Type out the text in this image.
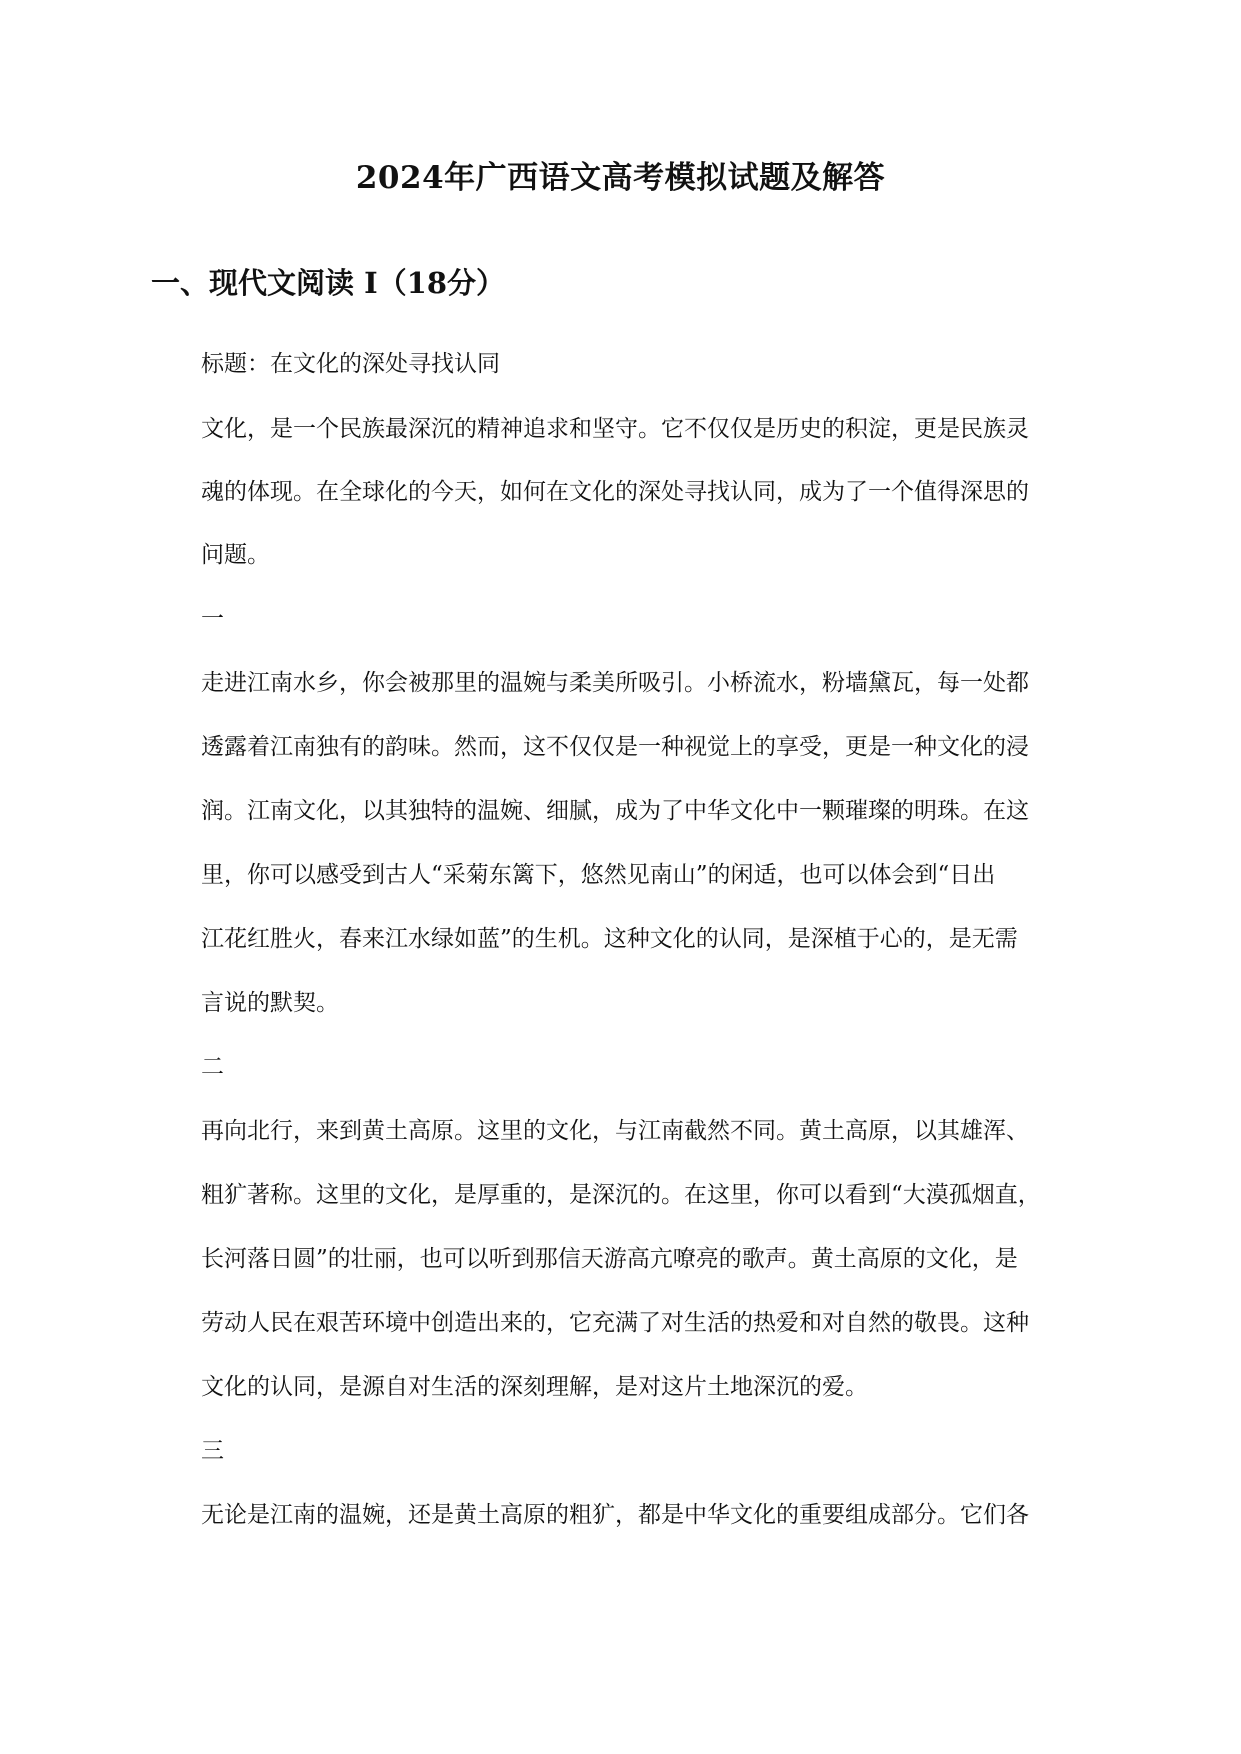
2024年广西语文高考模拟试题及解答
一、现代文阅读 I（18分）
标题：在文化的深处寻找认同
文化，是一个民族最深沉的精神追求和坚守。它不仅仅是历史的积淀，更是民族灵
魂的体现。在全球化的今天，如何在文化的深处寻找认同，成为了一个值得深思的
问题。
一
走进江南水乡，你会被那里的温婉与柔美所吸引。小桥流水，粉墙黛瓦，每一处都
透露着江南独有的韵味。然而，这不仅仅是一种视觉上的享受，更是一种文化的浸
润。江南文化，以其独特的温婉、细腻，成为了中华文化中一颗璀璨的明珠。在这
里，你可以感受到古人“采菊东篱下，悠然见南山”的闲适，也可以体会到“日出
江花红胜火，春来江水绿如蓝”的生机。这种文化的认同，是深植于心的，是无需
言说的默契。
二
再向北行，来到黄土高原。这里的文化，与江南截然不同。黄土高原，以其雄浑、
粗犷著称。这里的文化，是厚重的，是深沉的。在这里，你可以看到“大漠孤烟直，
长河落日圆”的壮丽，也可以听到那信天游高亢嘹亮的歌声。黄土高原的文化，是
劳动人民在艰苦环境中创造出来的，它充满了对生活的热爱和对自然的敬畏。这种
文化的认同，是源自对生活的深刻理解，是对这片土地深沉的爱。
三
无论是江南的温婉，还是黄土高原的粗犷，都是中华文化的重要组成部分。它们各
